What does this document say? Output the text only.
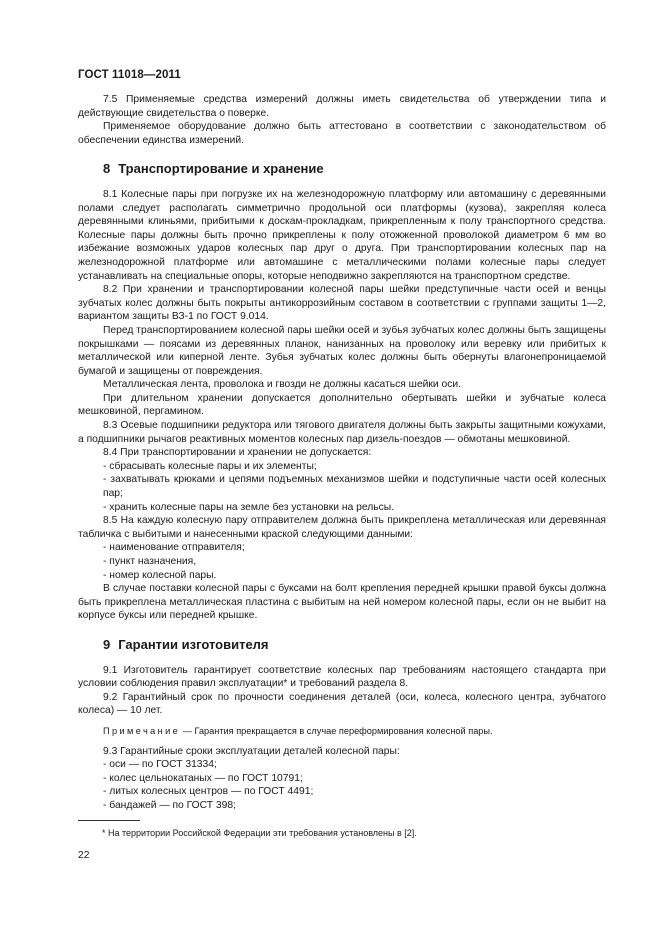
ГОСТ 11018—2011

7.5 Применяемые средства измерений должны иметь свидетельства об утверждении типа и действующие свидетельства о поверке.

Применяемое оборудование должно быть аттестовано в соответствии с законодательством об обеспечении единства измерений.

8 Транспортирование и хранение

8.1 Колесные пары при погрузке их на железнодорожную платформу или автомашину с деревянными полами следует располагать симметрично продольной оси платформы (кузова), закрепляя колеса деревянными клиньями, прибитыми к доскам-прокладкам, прикрепленным к полу транспортного средства. Колесные пары должны быть прочно прикреплены к полу отожженной проволокой диаметром 6 мм во избежание возможных ударов колесных пар друг о друга. При транспортировании колесных пар на железнодорожной платформе или автомашине с металлическими полами колесные пары следует устанавливать на специальные опоры, которые неподвижно закрепляются на транспортном средстве.

8.2 При хранении и транспортировании колесной пары шейки предступичные части осей и венцы зубчатых колес должны быть покрыты антикоррозийным составом в соответствии с группами защиты 1—2, вариантом защиты ВЗ-1 по ГОСТ 9.014.

Перед транспортированием колесной пары шейки осей и зубья зубчатых колес должны быть защищены покрышками — поясами из деревянных планок, нанизанных на проволоку или веревку или прибитых к металлической или киперной ленте. Зубья зубчатых колес должны быть обернуты влагонепроницаемой бумагой и защищены от повреждения.

Металлическая лента, проволока и гвозди не должны касаться шейки оси.

При длительном хранении допускается дополнительно обертывать шейки и зубчатые колеса мешковиной, пергамином.

8.3 Осевые подшипники редуктора или тягового двигателя должны быть закрыты защитными кожухами, а подшипники рычагов реактивных моментов колесных пар дизель-поездов — обмотаны мешковиной.

8.4 При транспортировании и хранении не допускается:

- сбрасывать колесные пары и их элементы;

- захватывать крюками и цепями подъемных механизмов шейки и подступичные части осей колесных пар;

- хранить колесные пары на земле без установки на рельсы.

8.5 На каждую колесную пару отправителем должна быть прикреплена металлическая или деревянная табличка с выбитыми и нанесенными краской следующими данными:

- наименование отправителя;

- пункт назначения,

- номер колесной пары.

В случае поставки колесной пары с буксами на болт крепления передней крышки правой буксы должна быть прикреплена металлическая пластина с выбитым на ней номером колесной пары, если он не выбит на корпусе буксы или передней крышке.

9 Гарантии изготовителя

9.1 Изготовитель гарантирует соответствие колесных пар требованиям настоящего стандарта при условии соблюдения правил эксплуатации* и требований раздела 8.

9.2 Гарантийный срок по прочности соединения деталей (оси, колеса, колесного центра, зубчатого колеса) — 10 лет.

Примечание — Гарантия прекращается в случае переформирования колесной пары.

9.3 Гарантийные сроки эксплуатации деталей колесной пары:

- оси — по ГОСТ 31334;

- колес цельнокатаных — по ГОСТ 10791;

- литых колесных центров — по ГОСТ 4491;

- бандажей — по ГОСТ 398;

* На территории Российской Федерации эти требования установлены в [2].
22
